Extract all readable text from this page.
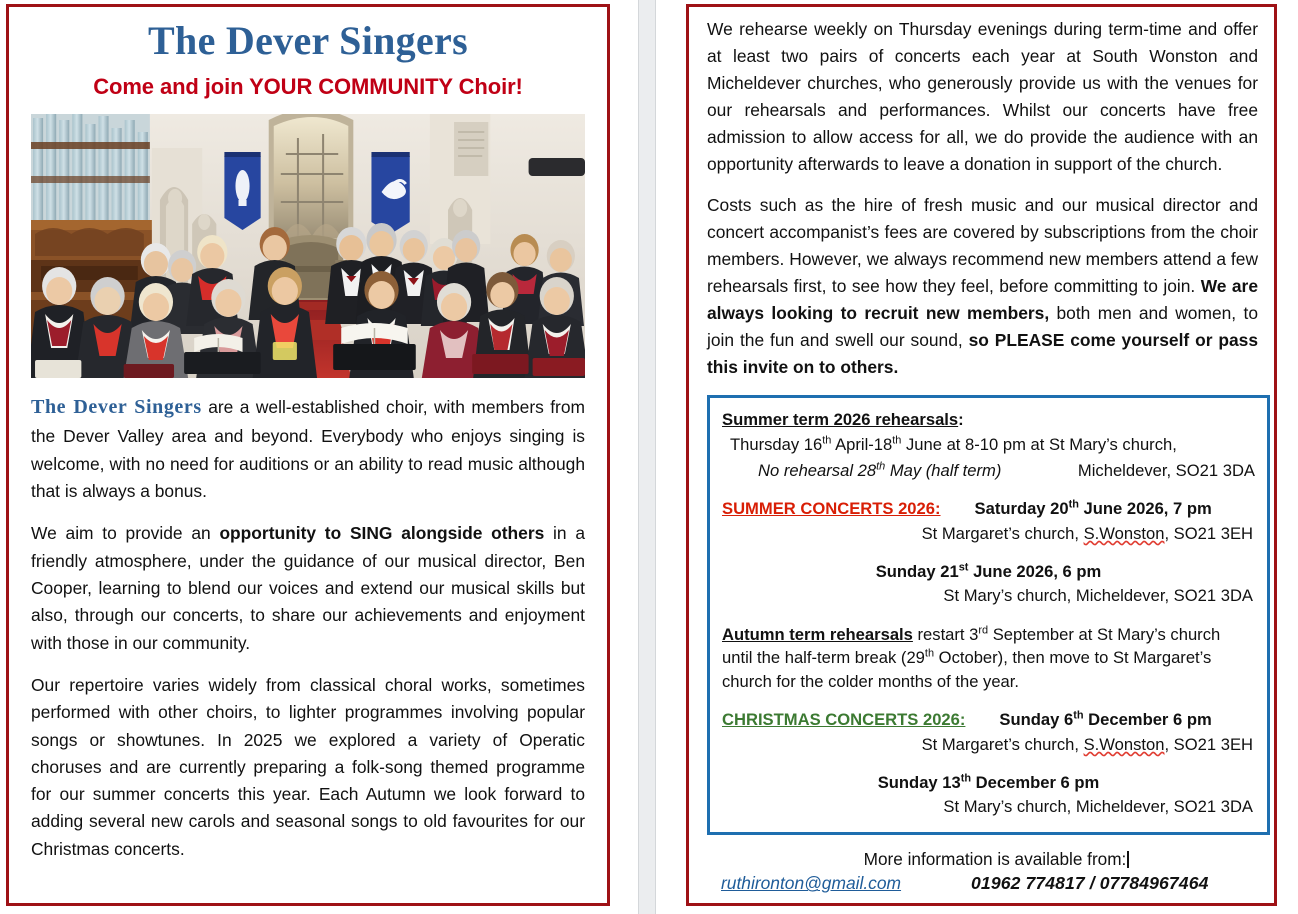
The Dever Singers
Come and join YOUR COMMUNITY Choir!

The Dever Singers are a well-established choir, with members from the Dever Valley area and beyond. Everybody who enjoys singing is welcome, with no need for auditions or an ability to read music although that is always a bonus.

We aim to provide an opportunity to SING alongside others in a friendly atmosphere, under the guidance of our musical director, Ben Cooper, learning to blend our voices and extend our musical skills but also, through our concerts, to share our achievements and enjoyment with those in our community.

Our repertoire varies widely from classical choral works, sometimes performed with other choirs, to lighter programmes involving popular songs or showtunes. In 2025 we explored a variety of Operatic choruses and are currently preparing a folk-song themed programme for our summer concerts this year. Each Autumn we look forward to adding several new carols and seasonal songs to old favourites for our Christmas concerts.

We rehearse weekly on Thursday evenings during term-time and offer at least two pairs of concerts each year at South Wonston and Micheldever churches, who generously provide us with the venues for our rehearsals and performances. Whilst our concerts have free admission to allow access for all, we do provide the audience with an opportunity afterwards to leave a donation in support of the church.

Costs such as the hire of fresh music and our musical director and concert accompanist’s fees are covered by subscriptions from the choir members. However, we always recommend new members attend a few rehearsals first, to see how they feel, before committing to join. We are always looking to recruit new members, both men and women, to join the fun and swell our sound, so PLEASE come yourself or pass this invite on to others.

Summer term 2026 rehearsals:
Thursday 16th April-18th June at 8-10 pm at St Mary’s church,
No rehearsal 28th May (half term)	Micheldever, SO21 3DA
SUMMER CONCERTS 2026: Saturday 20th June 2026, 7 pm
St Margaret’s church, S.Wonston, SO21 3EH
Sunday 21st June 2026, 6 pm
St Mary’s church, Micheldever, SO21 3DA
Autumn term rehearsals restart 3rd September at St Mary’s church until the half-term break (29th October), then move to St Margaret’s church for the colder months of the year.
CHRISTMAS CONCERTS 2026: Sunday 6th December 6 pm
St Margaret’s church, S.Wonston, SO21 3EH
Sunday 13th December 6 pm
St Mary’s church, Micheldever, SO21 3DA
More information is available from:
ruthironton@gmail.com	01962 774817 / 07784967464
